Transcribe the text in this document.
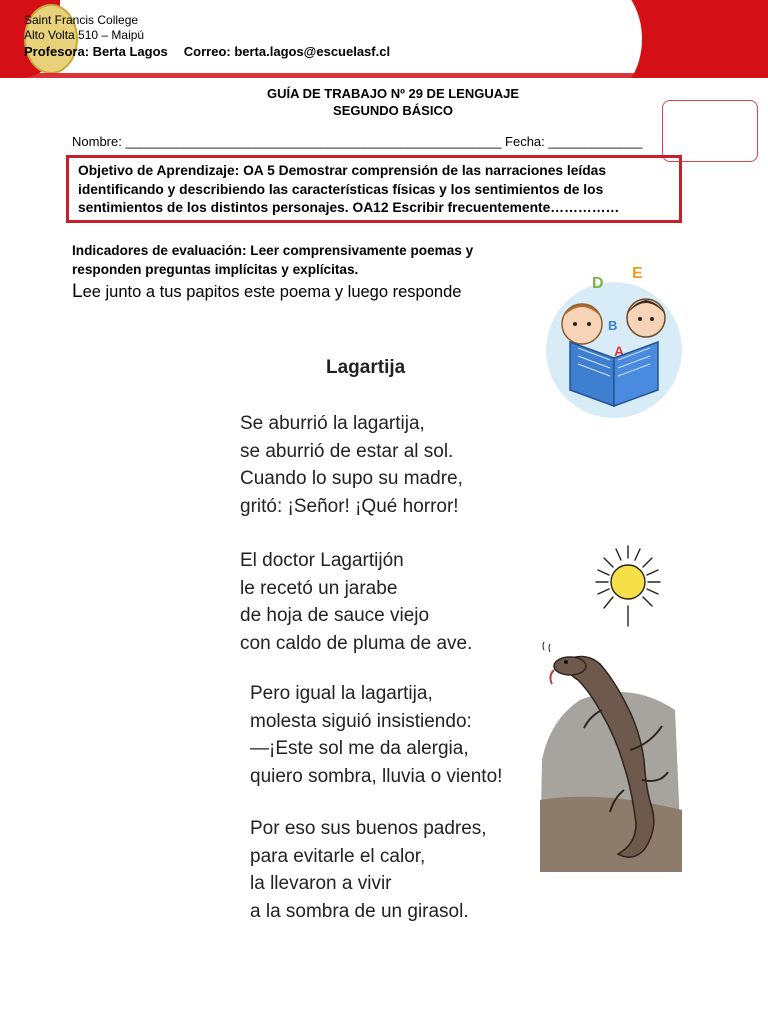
Saint Francis College
Alto Volta 510 – Maipú
Profesora: Berta Lagos Correo: berta.lagos@escuelasf.cl
GUÍA DE TRABAJO Nº 29 DE LENGUAJE
SEGUNDO BÁSICO
Nombre: ____________________________________________________ Fecha: _____________
Objetivo de Aprendizaje: OA 5 Demostrar comprensión de las narraciones leídas identificando y describiendo las características físicas y los sentimientos de los sentimientos de los distintos personajes. OA12 Escribir frecuentemente……………
Indicadores de evaluación: Leer comprensivamente poemas y responden preguntas implícitas y explícitas.
Lee junto a tus papitos este poema y luego responde	D
E
B
A
Lagartija
Se aburrió la lagartija,
se aburrió de estar al sol.
Cuando lo supo su madre,
gritó: ¡Señor! ¡Qué horror!
El doctor Lagartijón
le recetó un jarabe
de hoja de sauce viejo
con caldo de pluma de ave.
Pero igual la lagartija,
molesta siguió insistiendo:
—¡Este sol me da alergia,
quiero sombra, lluvia o viento!
Por eso sus buenos padres,
para evitarle el calor,
la llevaron a vivir
a la sombra de un girasol.
